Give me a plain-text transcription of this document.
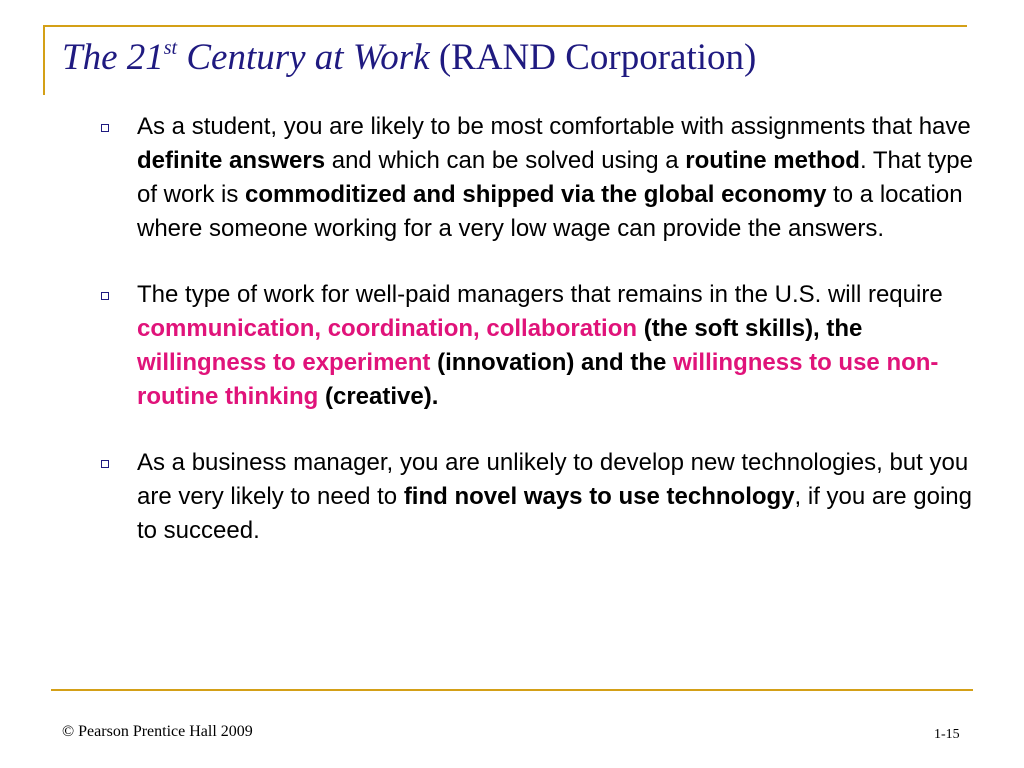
The 21st Century at Work (RAND Corporation)
As a student, you are likely to be most comfortable with assignments that have definite answers and which can be solved using a routine method. That type of work is commoditized and shipped via the global economy to a location where someone working for a very low wage can provide the answers.
The type of work for well-paid managers that remains in the U.S. will require communication, coordination, collaboration (the soft skills), the willingness to experiment (innovation) and the willingness to use non-routine thinking (creative).
As a business manager, you are unlikely to develop new technologies, but you are very likely to need to find novel ways to use technology, if you are going to succeed.
© Pearson Prentice Hall 2009	1-15
